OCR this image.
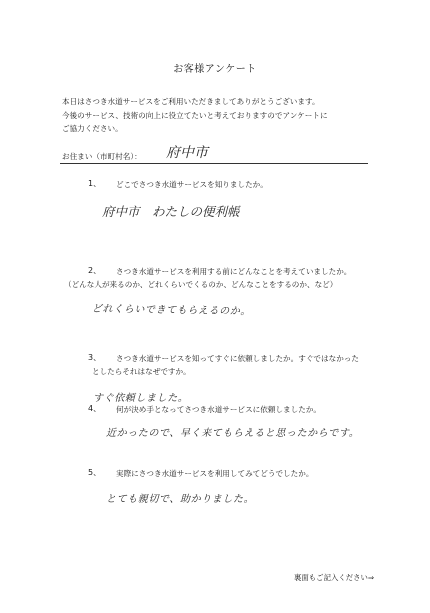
お客様アンケート
本日はさつき水道サービスをご利用いただきましてありがとうございます。
今後のサービス、技術の向上に役立てたいと考えておりますのでアンケートに
ご協力ください。
お住まい（市町村名）： 府中市
1、 どこでさつき水道サービスを知りましたか。
府中市　わたしの便利帳
2、	さつき水道サービスを利用する前にどんなことを考えていましたか。
（どんな人が来るのか、どれくらいでくるのか、どんなことをするのか、など）
どれくらいできてもらえるのか。
3、	さつき水道サービスを知ってすぐに依頼しましたか。すぐではなかった
としたらそれはなぜですか。
すぐ依頼しました。
4、 何が決め手となってさつき水道サービスに依頼しましたか。
近かったので、早く来てもらえると思ったからです。
5、 実際にさつき水道サービスを利用してみてどうでしたか。
とても親切で、助かりました。
裏面もご記入ください⇒
